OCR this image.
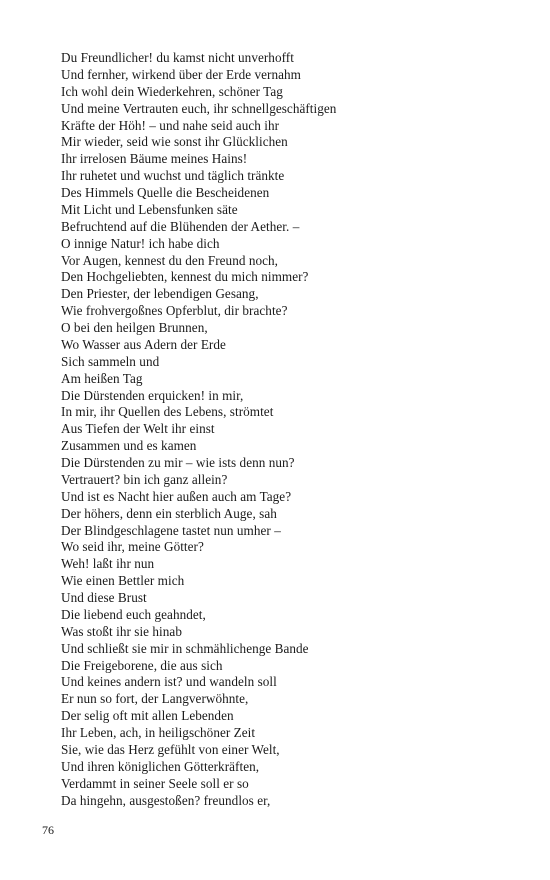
Du Freundlicher! du kamst nicht unverhofft
Und fernher, wirkend über der Erde vernahm
Ich wohl dein Wiederkehren, schöner Tag
Und meine Vertrauten euch, ihr schnellgeschäftigen
Kräfte der Höh! – und nahe seid auch ihr
Mir wieder, seid wie sonst ihr Glücklichen
Ihr irrelosen Bäume meines Hains!
Ihr ruhetet und wuchst und täglich tränkte
Des Himmels Quelle die Bescheidenen
Mit Licht und Lebensfunken säte
Befruchtend auf die Blühenden der Aether. –
O innige Natur! ich habe dich
Vor Augen, kennest du den Freund noch,
Den Hochgeliebten, kennest du mich nimmer?
Den Priester, der lebendigen Gesang,
Wie frohvergoßnes Opferblut, dir brachte?
O bei den heilgen Brunnen,
Wo Wasser aus Adern der Erde
Sich sammeln und
Am heißen Tag
Die Dürstenden erquicken! in mir,
In mir, ihr Quellen des Lebens, strömtet
Aus Tiefen der Welt ihr einst
Zusammen und es kamen
Die Dürstenden zu mir – wie ists denn nun?
Vertrauert? bin ich ganz allein?
Und ist es Nacht hier außen auch am Tage?
Der höhers, denn ein sterblich Auge, sah
Der Blindgeschlagene tastet nun umher –
Wo seid ihr, meine Götter?
Weh! laßt ihr nun
Wie einen Bettler mich
Und diese Brust
Die liebend euch geahndet,
Was stoßt ihr sie hinab
Und schließt sie mir in schmählichenge Bande
Die Freigeborene, die aus sich
Und keines andern ist? und wandeln soll
Er nun so fort, der Langverwöhnte,
Der selig oft mit allen Lebenden
Ihr Leben, ach, in heiligschöner Zeit
Sie, wie das Herz gefühlt von einer Welt,
Und ihren königlichen Götterkräften,
Verdammt in seiner Seele soll er so
Da hingehn, ausgestoßen? freundlos er,
76
